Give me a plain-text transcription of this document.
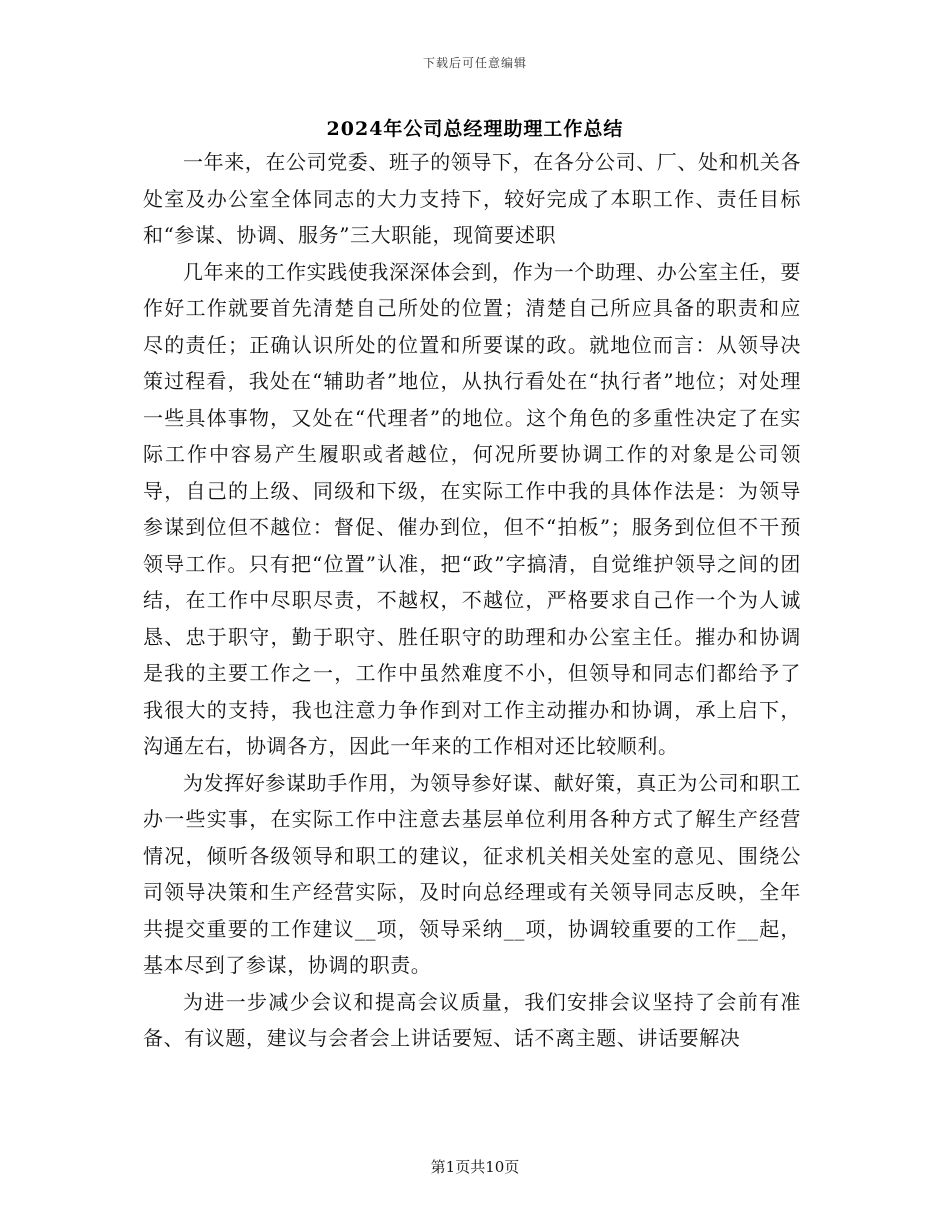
下载后可任意编辑
2024年公司总经理助理工作总结

一年来，在公司党委、班子的领导下，在各分公司、厂、处和机关各处室及办公室全体同志的大力支持下，较好完成了本职工作、责任目标和“参谋、协调、服务”三大职能，现简要述职

几年来的工作实践使我深深体会到，作为一个助理、办公室主任，要作好工作就要首先清楚自己所处的位置；清楚自己所应具备的职责和应尽的责任；正确认识所处的位置和所要谋的政。就地位而言：从领导决策过程看，我处在“辅助者”地位，从执行看处在“执行者”地位；对处理一些具体事物，又处在“代理者”的地位。这个角色的多重性决定了在实际工作中容易产生履职或者越位，何况所要协调工作的对象是公司领导，自己的上级、同级和下级，在实际工作中我的具体作法是：为领导参谋到位但不越位：督促、催办到位，但不“拍板”；服务到位但不干预领导工作。只有把“位置”认准，把“政”字搞清，自觉维护领导之间的团结，在工作中尽职尽责，不越权，不越位，严格要求自己作一个为人诚恳、忠于职守，勤于职守、胜任职守的助理和办公室主任。摧办和协调是我的主要工作之一，工作中虽然难度不小，但领导和同志们都给予了我很大的支持，我也注意力争作到对工作主动摧办和协调，承上启下，沟通左右，协调各方，因此一年来的工作相对还比较顺利。

为发挥好参谋助手作用，为领导参好谋、献好策，真正为公司和职工办一些实事，在实际工作中注意去基层单位利用各种方式了解生产经营情况，倾听各级领导和职工的建议，征求机关相关处室的意见、围绕公司领导决策和生产经营实际，及时向总经理或有关领导同志反映，全年共提交重要的工作建议__项，领导采纳__项，协调较重要的工作__起，基本尽到了参谋，协调的职责。

为进一步减少会议和提高会议质量，我们安排会议坚持了会前有准备、有议题，建议与会者会上讲话要短、话不离主题、讲话要解决

第1页共10页
